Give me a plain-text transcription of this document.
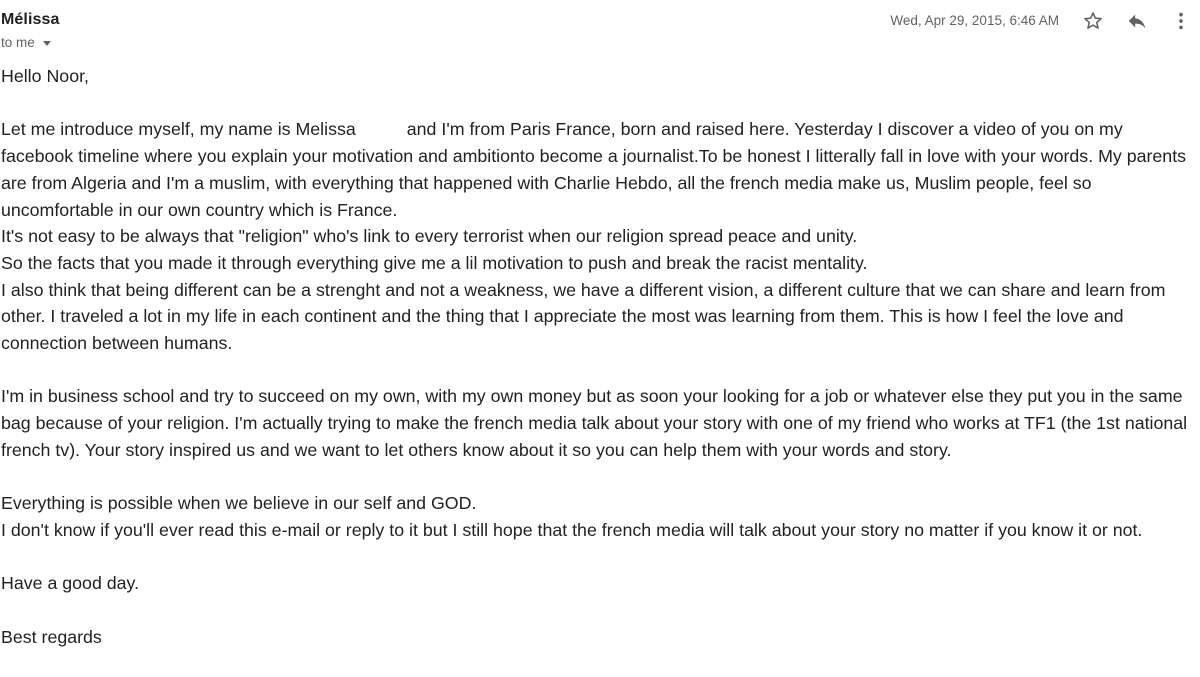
Mélissa
to me
Wed, Apr 29, 2015, 6:46 AM

Hello Noor,

Let me introduce myself, my name is Melissa	and I'm from Paris France, born and raised here. Yesterday I discover a video of you on my facebook timeline where you explain your motivation and ambitionto become a journalist.To be honest I litterally fall in love with your words. My parents are from Algeria and I'm a muslim, with everything that happened with Charlie Hebdo, all the french media make us, Muslim people, feel so uncomfortable in our own country which is France.

It's not easy to be always that "religion" who's link to every terrorist when our religion spread peace and unity.

So the facts that you made it through everything give me a lil motivation to push and break the racist mentality.

I also think that being different can be a strenght and not a weakness, we have a different vision, a different culture that we can share and learn from other. I traveled a lot in my life in each continent and the thing that I appreciate the most was learning from them. This is how I feel the love and connection between humans.

I'm in business school and try to succeed on my own, with my own money but as soon your looking for a job or whatever else they put you in the same bag because of your religion. I'm actually trying to make the french media talk about your story with one of my friend who works at TF1 (the 1st national french tv). Your story inspired us and we want to let others know about it so you can help them with your words and story.

Everything is possible when we believe in our self and GOD.

I don't know if you'll ever read this e-mail or reply to it but I still hope that the french media will talk about your story no matter if you know it or not.

Have a good day.

Best regards
